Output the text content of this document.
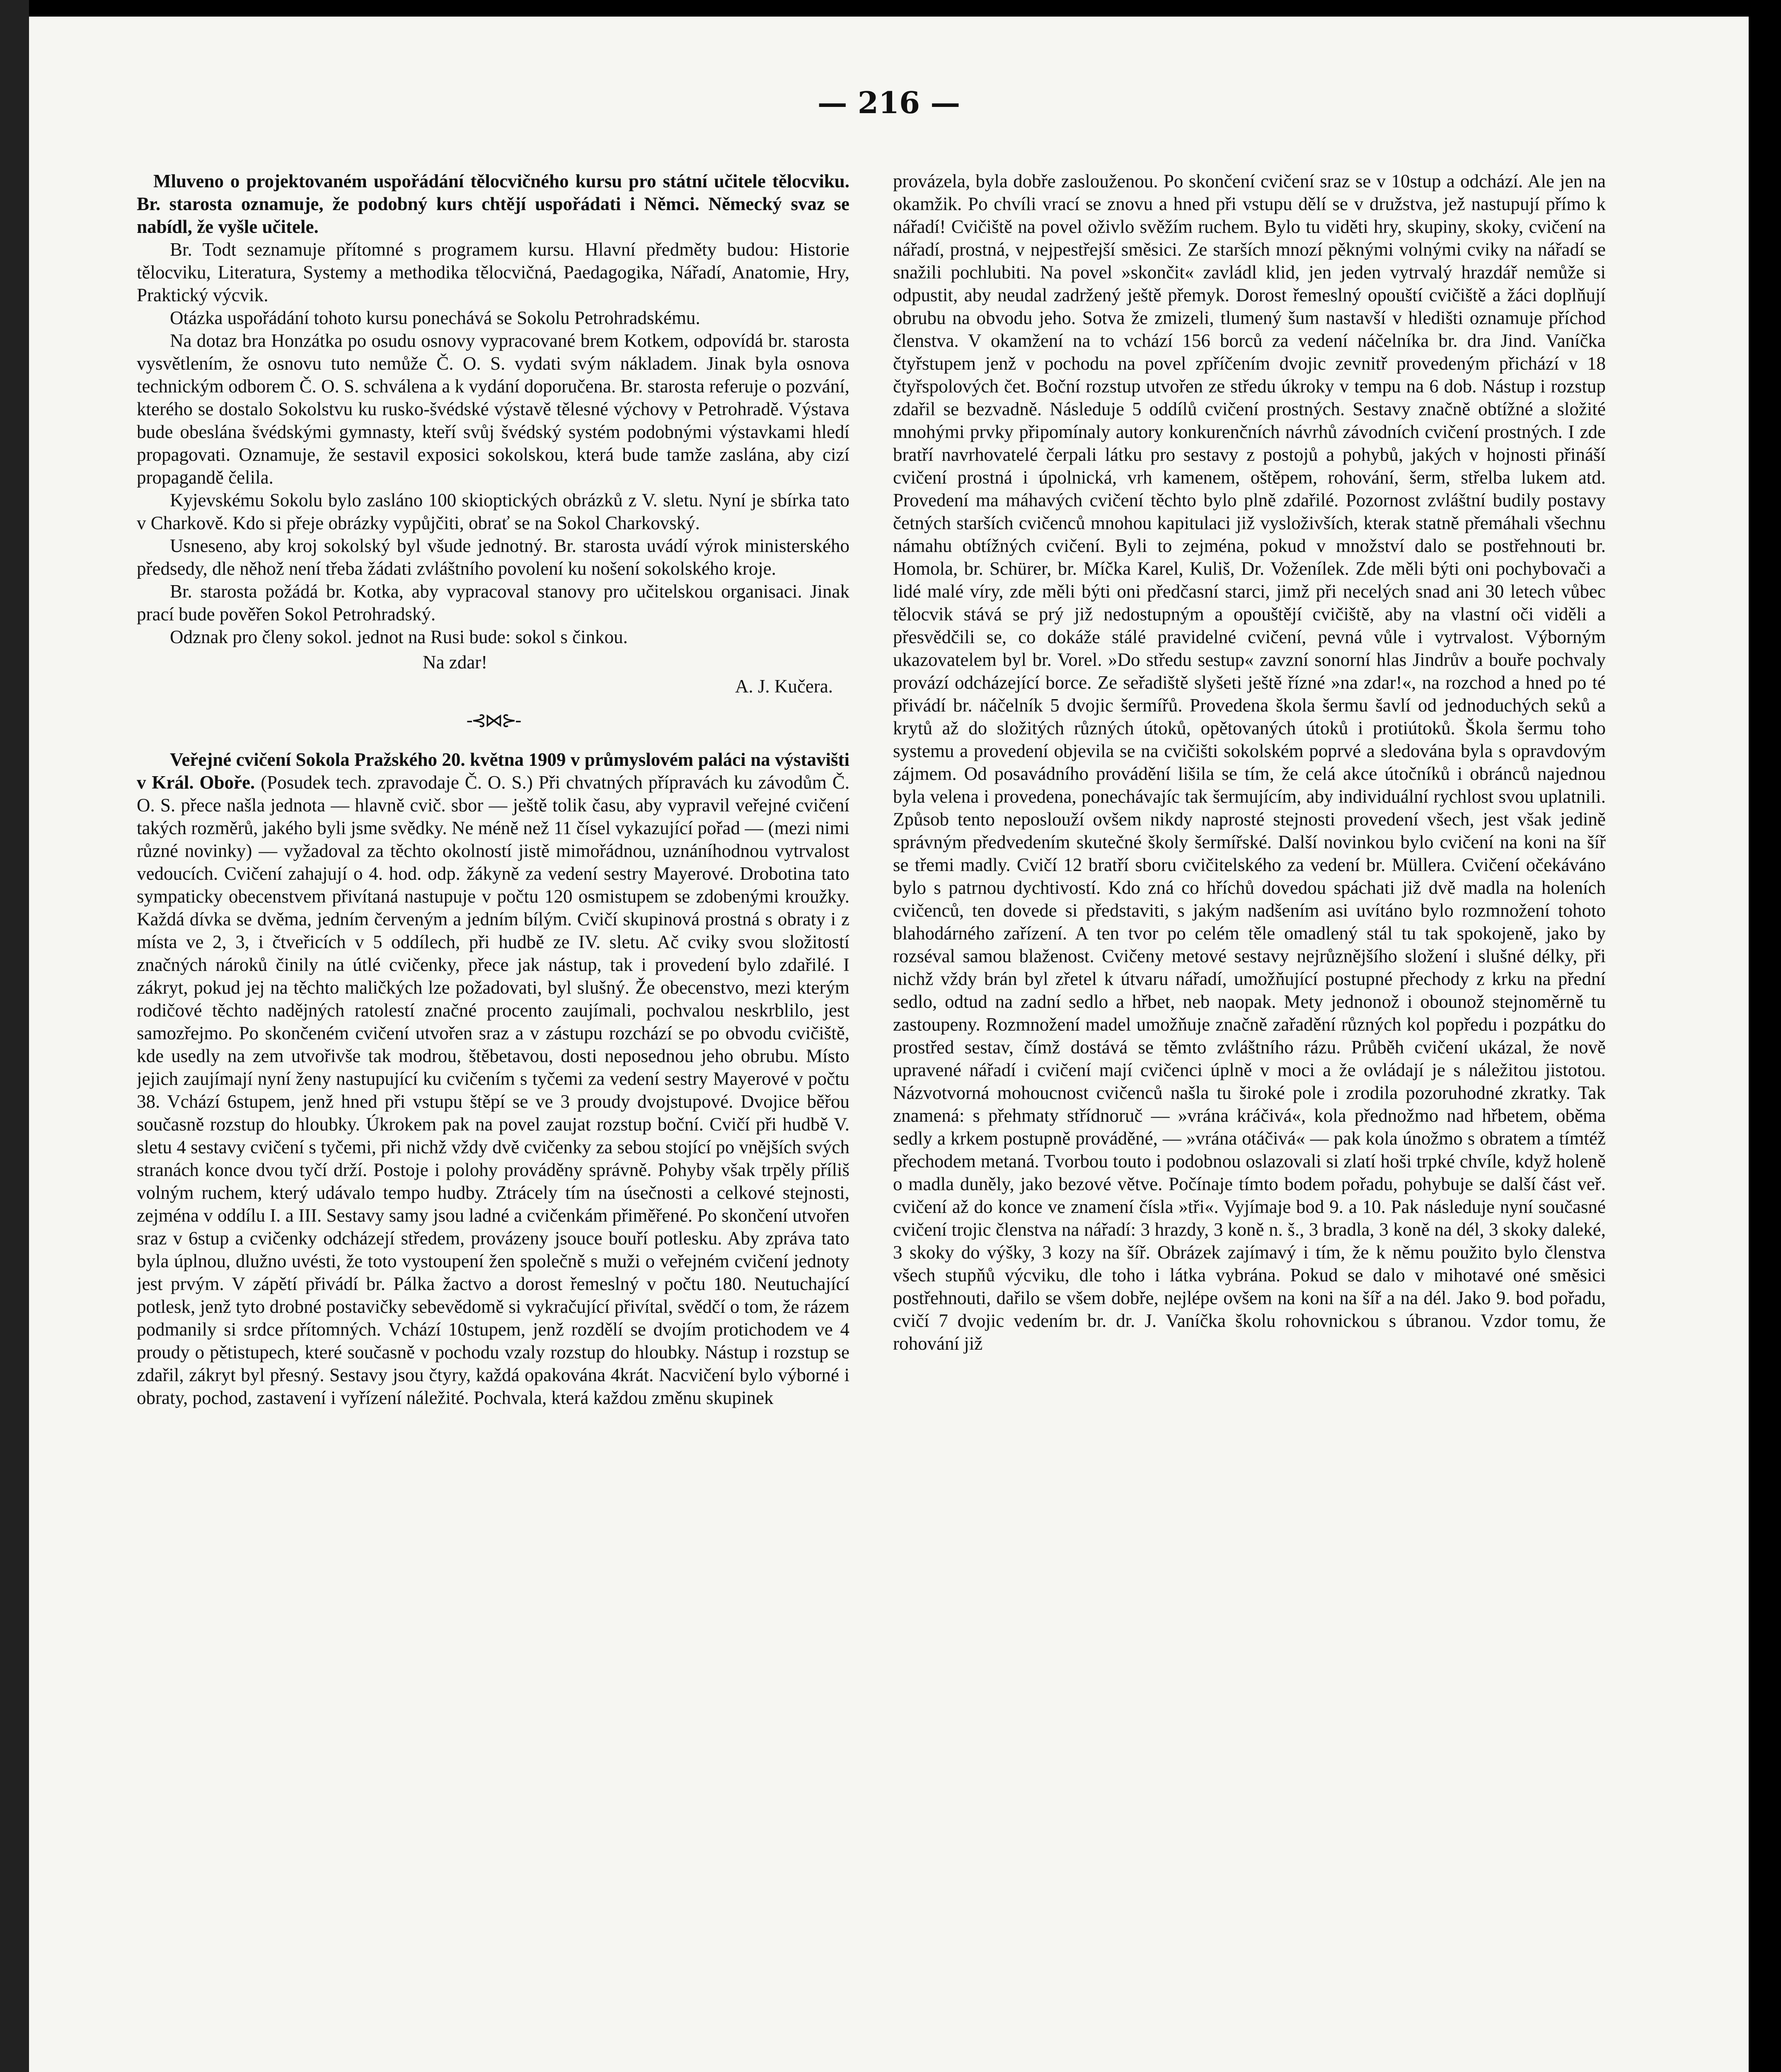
— 216 —

Mluveno o projektovaném uspořádání tělocvičného kursu pro státní učitele tělocviku. Br. starosta oznamuje, že podobný kurs chtějí uspořádati i Němci. Německý svaz se nabídl, že vyšle učitele.

Br. Todt seznamuje přítomné s programem kursu. Hlavní předměty budou: Historie tělocviku, Literatura, Systemy a methodika tělocvičná, Paedagogika, Nářadí, Anatomie, Hry, Praktický výcvik.

Otázka uspořádání tohoto kursu ponechává se Sokolu Petrohradskému.

Na dotaz bra Honzátka po osudu osnovy vypracované brem Kotkem, odpovídá br. starosta vysvětlením, že osnovu tuto nemůže Č. O. S. vydati svým nákladem. Jinak byla osnova technickým odborem Č. O. S. schválena a k vydání doporučena. Br. starosta referuje o pozvání, kterého se dostalo Sokolstvu ku rusko-švédské výstavě tělesné výchovy v Petrohradě. Výstava bude obeslána švédskými gymnasty, kteří svůj švédský systém podobnými výstavkami hledí propagovati. Oznamuje, že sestavil exposici sokolskou, která bude tamže zaslána, aby cizí propagandě čelila.

Kyjevskému Sokolu bylo zasláno 100 skioptických obrázků z V. sletu. Nyní je sbírka tato v Charkově. Kdo si přeje obrázky vypůjčiti, obrať se na Sokol Charkovský.

Usneseno, aby kroj sokolský byl všude jednotný. Br. starosta uvádí výrok ministerského předsedy, dle něhož není třeba žádati zvláštního povolení ku nošení sokolského kroje.

Br. starosta požádá br. Kotka, aby vypracoval stanovy pro učitelskou organisaci. Jinak prací bude pověřen Sokol Petrohradský.

Odznak pro členy sokol. jednot na Rusi bude: sokol s činkou.

Na zdar!
A. J. Kučera.
-⊰⋈⊱-

Veřejné cvičení Sokola Pražského 20. května 1909 v průmyslovém paláci na výstavišti v Král. Oboře. (Posudek tech. zpravodaje Č. O. S.) Při chvatných přípravách ku závodům Č. O. S. přece našla jednota — hlavně cvič. sbor — ještě tolik času, aby vypravil veřejné cvičení takých rozměrů, jakého byli jsme svědky. Ne méně než 11 čísel vykazující pořad — (mezi nimi různé novinky) — vyžadoval za těchto okolností jistě mimořádnou, uznáníhodnou vytrvalost vedoucích. Cvičení zahajují o 4. hod. odp. žákyně za vedení sestry Mayerové. Drobotina tato sympaticky obecenstvem přivítaná nastupuje v počtu 120 osmistupem se zdobenými kroužky. Každá dívka se dvěma, jedním červeným a jedním bílým. Cvičí skupinová prostná s obraty i z místa ve 2, 3, i čtveřicích v 5 oddílech, při hudbě ze IV. sletu. Ač cviky svou složitostí značných nároků činily na útlé cvičenky, přece jak nástup, tak i provedení bylo zdařilé. I zákryt, pokud jej na těchto maličkých lze požadovati, byl slušný. Že obecenstvo, mezi kterým rodičové těchto nadějných ratolestí značné procento zaujímali, pochvalou neskrblilo, jest samozřejmo. Po skončeném cvičení utvořen sraz a v zástupu rozchází se po obvodu cvičiště, kde usedly na zem utvořivše tak modrou, štěbetavou, dosti neposednou jeho obrubu. Místo jejich zaujímají nyní ženy nastupující ku cvičením s tyčemi za vedení sestry Mayerové v počtu 38. Vchází 6stupem, jenž hned při vstupu štěpí se ve 3 proudy dvojstupové. Dvojice běřou současně rozstup do hloubky. Úkrokem pak na povel zaujat rozstup boční. Cvičí při hudbě V. sletu 4 sestavy cvičení s tyčemi, při nichž vždy dvě cvičenky za sebou stojící po vnějších svých stranách konce dvou tyčí drží. Postoje i polohy prováděny správně. Pohyby však trpěly příliš volným ruchem, který udávalo tempo hudby. Ztrácely tím na úsečnosti a celkové stejnosti, zejména v oddílu I. a III. Sestavy samy jsou ladné a cvičenkám přiměřené. Po skončení utvořen sraz v 6stup a cvičenky odcházejí středem, provázeny jsouce bouří potlesku. Aby zpráva tato byla úplnou, dlužno uvésti, že toto vystoupení žen společně s muži o veřejném cvičení jednoty jest prvým. V zápětí přivádí br. Pálka žactvo a dorost řemeslný v počtu 180. Neutuchající potlesk, jenž tyto drobné postavičky sebevědomě si vykračující přivítal, svědčí o tom, že rázem podmanily si srdce přítomných. Vchází 10stupem, jenž rozdělí se dvojím protichodem ve 4 proudy o pětistupech, které současně v pochodu vzaly rozstup do hloubky. Nástup i rozstup se zdařil, zákryt byl přesný. Sestavy jsou čtyry, každá opakována 4krát. Nacvičení bylo výborné i obraty, pochod, zastavení i vyřízení náležité. Pochvala, která každou změnu skupinek

provázela, byla dobře zaslouženou. Po skončení cvičení sraz se v 10stup a odchází. Ale jen na okamžik. Po chvíli vrací se znovu a hned při vstupu dělí se v družstva, jež nastupují přímo k nářadí! Cvičiště na povel oživlo svěžím ruchem. Bylo tu viděti hry, skupiny, skoky, cvičení na nářadí, prostná, v nejpestřejší směsici. Ze starších mnozí pěknými volnými cviky na nářadí se snažili pochlubiti. Na povel »skončit« zavládl klid, jen jeden vytrvalý hrazdář nemůže si odpustit, aby neudal zadržený ještě přemyk. Dorost řemeslný opouští cvičiště a žáci doplňují obrubu na obvodu jeho. Sotva že zmizeli, tlumený šum nastavší v hledišti oznamuje příchod členstva. V okamžení na to vchází 156 borců za vedení náčelníka br. dra Jind. Vaníčka čtyřstupem jenž v pochodu na povel zpříčením dvojic zevnitř provedeným přichází v 18 čtyřspolových čet. Boční rozstup utvořen ze středu úkroky v tempu na 6 dob. Nástup i rozstup zdařil se bezvadně. Následuje 5 oddílů cvičení prostných. Sestavy značně obtížné a složité mnohými prvky připomínaly autory konkurenčních návrhů závodních cvičení prostných. I zde bratří navrhovatelé čerpali látku pro sestavy z postojů a pohybů, jakých v hojnosti přináší cvičení prostná i úpolnická, vrh kamenem, oštěpem, rohování, šerm, střelba lukem atd. Provedení ma máhavých cvičení těchto bylo plně zdařilé. Pozornost zvláštní budily postavy četných starších cvičenců mnohou kapitulaci již vysloživších, kterak statně přemáhali všechnu námahu obtížných cvičení. Byli to zejména, pokud v množství dalo se postřehnouti br. Homola, br. Schürer, br. Míčka Karel, Kuliš, Dr. Voženílek. Zde měli býti oni pochybovači a lidé malé víry, zde měli býti oni předčasní starci, jimž při necelých snad ani 30 letech vůbec tělocvik stává se prý již nedostupným a opouštějí cvičiště, aby na vlastní oči viděli a přesvědčili se, co dokáže stálé pravidelné cvičení, pevná vůle i vytrvalost. Výborným ukazovatelem byl br. Vorel. »Do středu sestup« zavzní sonorní hlas Jindrův a bouře pochvaly provází odcházející borce. Ze seřadiště slyšeti ještě řízné »na zdar!«, na rozchod a hned po té přivádí br. náčelník 5 dvojic šermířů. Provedena škola šermu šavlí od jednoduchých seků a krytů až do složitých různých útoků, opětovaných útoků i protiútoků. Škola šermu toho systemu a provedení objevila se na cvičišti sokolském poprvé a sledována byla s opravdovým zájmem. Od posavádního provádění lišila se tím, že celá akce útočníků i obránců najednou byla velena i provedena, ponechávajíc tak šermujícím, aby individuální rychlost svou uplatnili. Způsob tento neposlouží ovšem nikdy naprosté stejnosti provedení všech, jest však jedině správným předvedením skutečné školy šermířské. Další novinkou bylo cvičení na koni na šíř se třemi madly. Cvičí 12 bratří sboru cvičitelského za vedení br. Müllera. Cvičení očekáváno bylo s patrnou dychtivostí. Kdo zná co hříchů dovedou spáchati již dvě madla na holeních cvičenců, ten dovede si představiti, s jakým nadšením asi uvítáno bylo rozmnožení tohoto blahodárného zařízení. A ten tvor po celém těle omadlený stál tu tak spokojeně, jako by rozséval samou blaženost. Cvičeny metové sestavy nejrůznějšího složení i slušné délky, při nichž vždy brán byl zřetel k útvaru nářadí, umožňující postupné přechody z krku na přední sedlo, odtud na zadní sedlo a hřbet, neb naopak. Mety jednonož i obounož stejnoměrně tu zastoupeny. Rozmnožení madel umožňuje značně zařadění různých kol popředu i pozpátku do prostřed sestav, čímž dostává se těmto zvláštního rázu. Průběh cvičení ukázal, že nově upravené nářadí i cvičení mají cvičenci úplně v moci a že ovládají je s náležitou jistotou. Názvotvorná mohoucnost cvičenců našla tu široké pole i zrodila pozoruhodné zkratky. Tak znamená: s přehmaty střídnoruč — »vrána kráčivá«, kola přednožmo nad hřbetem, oběma sedly a krkem postupně prováděné, — »vrána otáčivá« — pak kola únožmo s obratem a tímtéž přechodem metaná. Tvorbou touto i podobnou oslazovali si zlatí hoši trpké chvíle, když holeně o madla duněly, jako bezové větve. Počínaje tímto bodem pořadu, pohybuje se další část veř. cvičení až do konce ve znamení čísla »tři«. Vyjímaje bod 9. a 10. Pak následuje nyní současné cvičení trojic členstva na nářadí: 3 hrazdy, 3 koně n. š., 3 bradla, 3 koně na dél, 3 skoky daleké, 3 skoky do výšky, 3 kozy na šíř. Obrázek zajímavý i tím, že k němu použito bylo členstva všech stupňů výcviku, dle toho i látka vybrána. Pokud se dalo v mihotavé oné směsici postřehnouti, dařilo se všem dobře, nejlépe ovšem na koni na šíř a na dél. Jako 9. bod pořadu, cvičí 7 dvojic vedením br. dr. J. Vaníčka školu rohovnickou s úbranou. Vzdor tomu, že rohování již
